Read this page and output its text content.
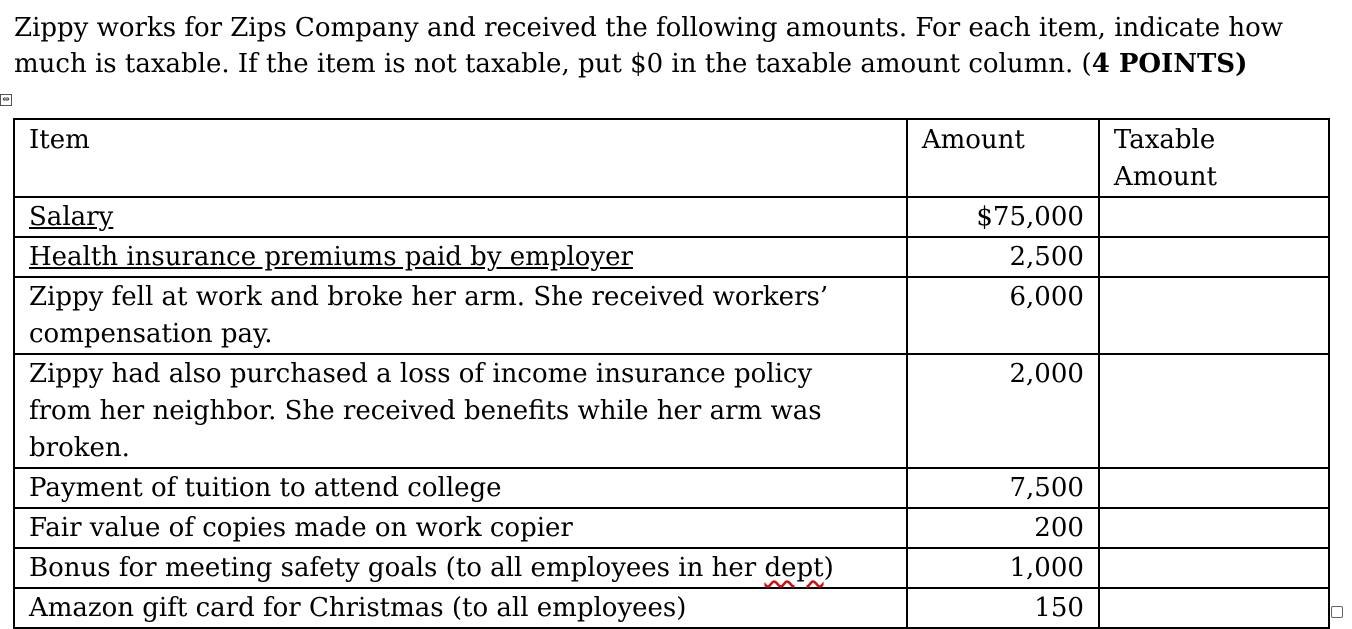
Zippy works for Zips Company and received the following amounts. For each item, indicate how
much is taxable. If the item is not taxable, put $0 in the taxable amount column. (4 POINTS)
⇹
Item	Amount	Taxable
Amount
Salary	$75,000	
Health insurance premiums paid by employer	2,500	
Zippy fell at work and broke her arm. She received workers’
compensation pay.	6,000	
Zippy had also purchased a loss of income insurance policy
from her neighbor. She received benefits while her arm was
broken.	2,000	
Payment of tuition to attend college	7,500	
Fair value of copies made on work copier	200	
Bonus for meeting safety goals (to all employees in her dept)	1,000	
Amazon gift card for Christmas (to all employees)	150	
